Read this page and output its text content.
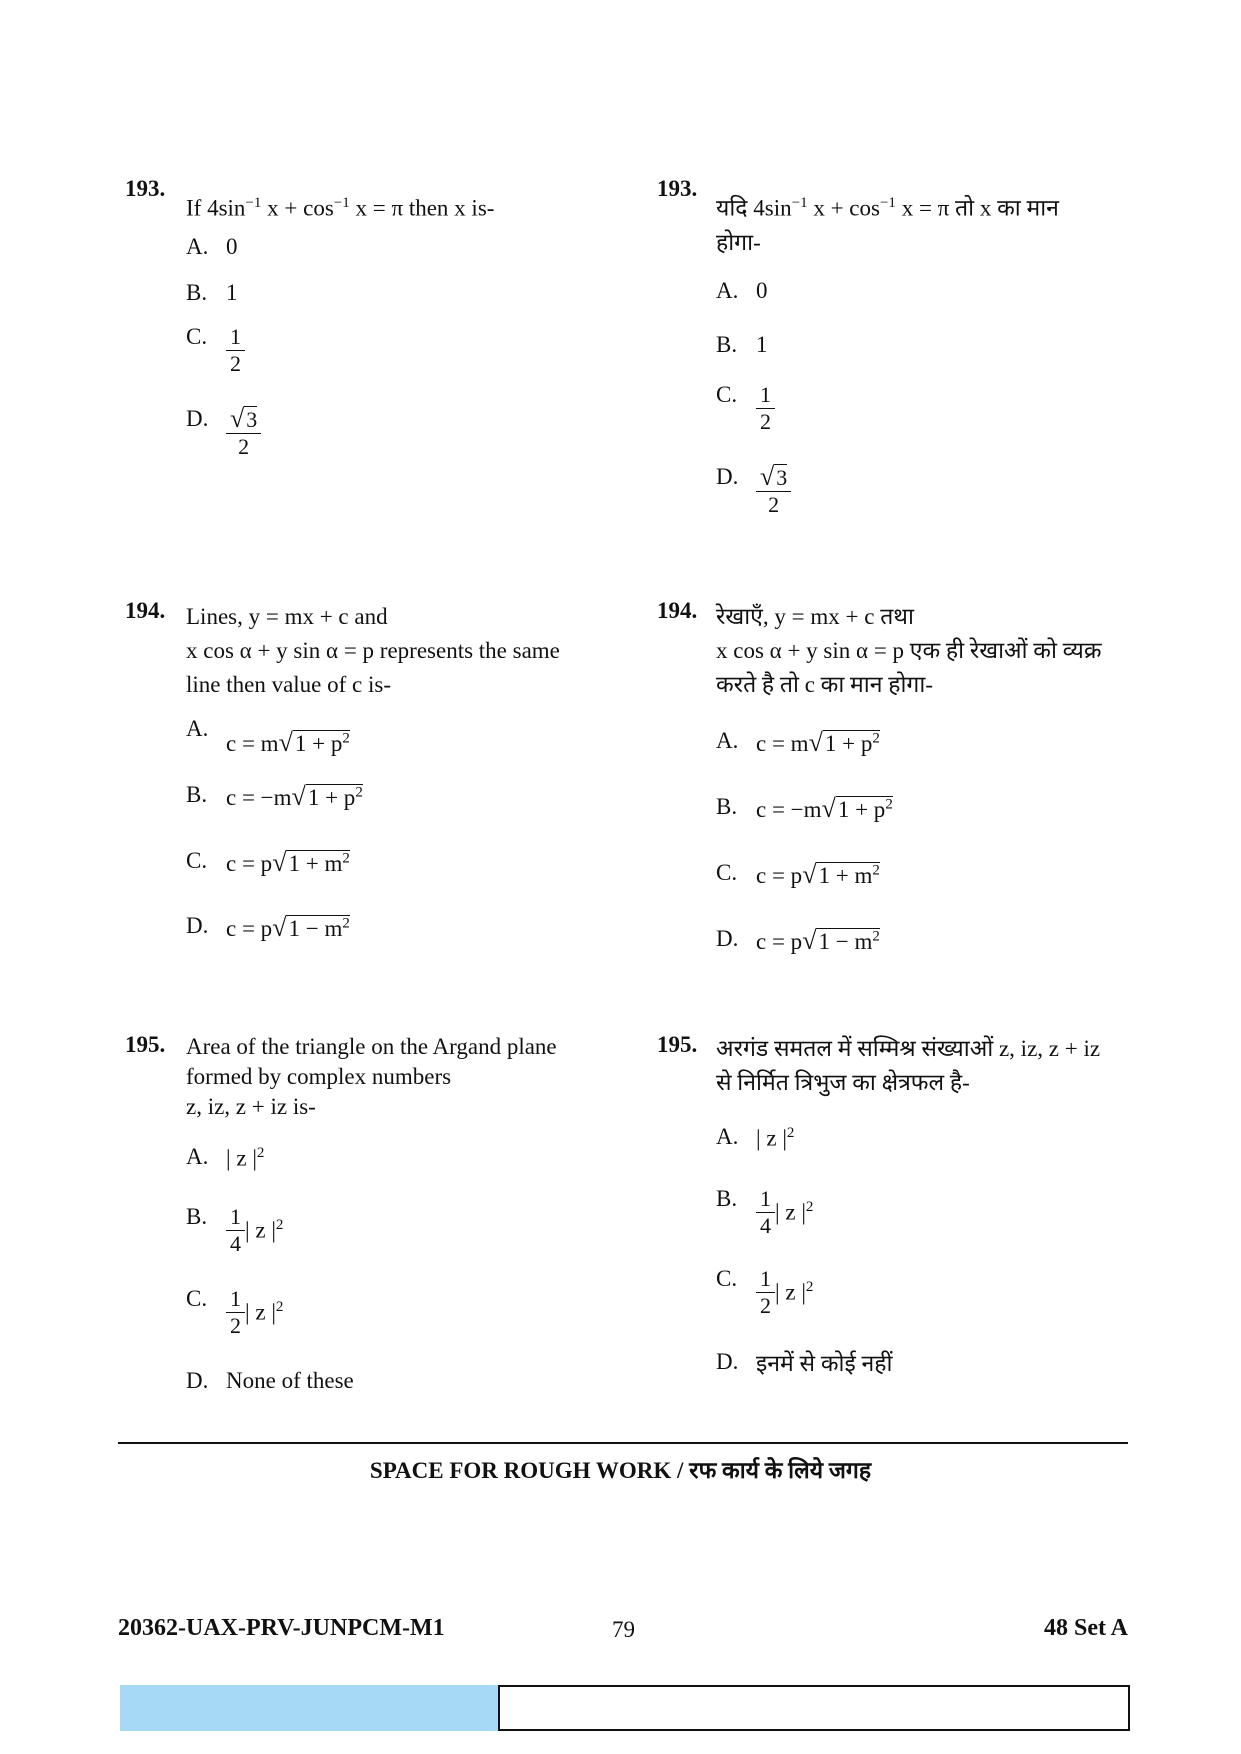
193.
If $4\sin^{-1}$ $x + \cos^{-1} x = \pi$ then x is-
A. 0
B. 1
C. $\frac{1}{2}$
D. $\frac{√3}{2}$
194. Lines, y = mx + c and
x cos α + y sin α = p represents the same
line then value of c is-
$A.c = m√1 + p^2$
B. $c = -m√1 + p^2$
C. $c = p√1 + m^2$
D. $c = p√1 - m^2$
195. Area of the triangle on the Argand plane
formed by complex numbers
z, iz, z + iz is-
A. | z $|^2$
B. $\frac{1}{4}$ | z $|^2$
C. $\frac{1}{2}$ | z $|^2$
D. None of these
193.
यदि $4\sin^{-1}$ $x + \cos^{-1} x = \pi$ तो x का मान
होगा-
A. 0
B. 1
C. $\frac{1}{2}$
D. $\frac{√3}{2}$
194. रेखाएँ, y = mx + c तथा
x cos α + y sin α = p एक ही रेखाओं को व्यक्र
करते है तो c का मान होगा-
A. $c = m√1 + p^2$
B. $c = -m√1 + p^2$
C. $c = p√1 + m^2$
D. $c = p√1 - m^2$
195. अरगंड समतल में सम्मिश्र संख्याओं z, iz, z + iz
से निर्मित त्रिभुज का क्षेत्रफल है-
A. | z $|^2$
B. $\frac{1}{4}$ | z $|^2$
C. $\frac{1}{2}$ | z $|^2$
D. इनमें से कोई नहीं
SPACE FOR ROUGH WORK / रफ कार्य के लिये जगह
20362-UAX-PRV-JUNPCM-M1	79	48 Set A
